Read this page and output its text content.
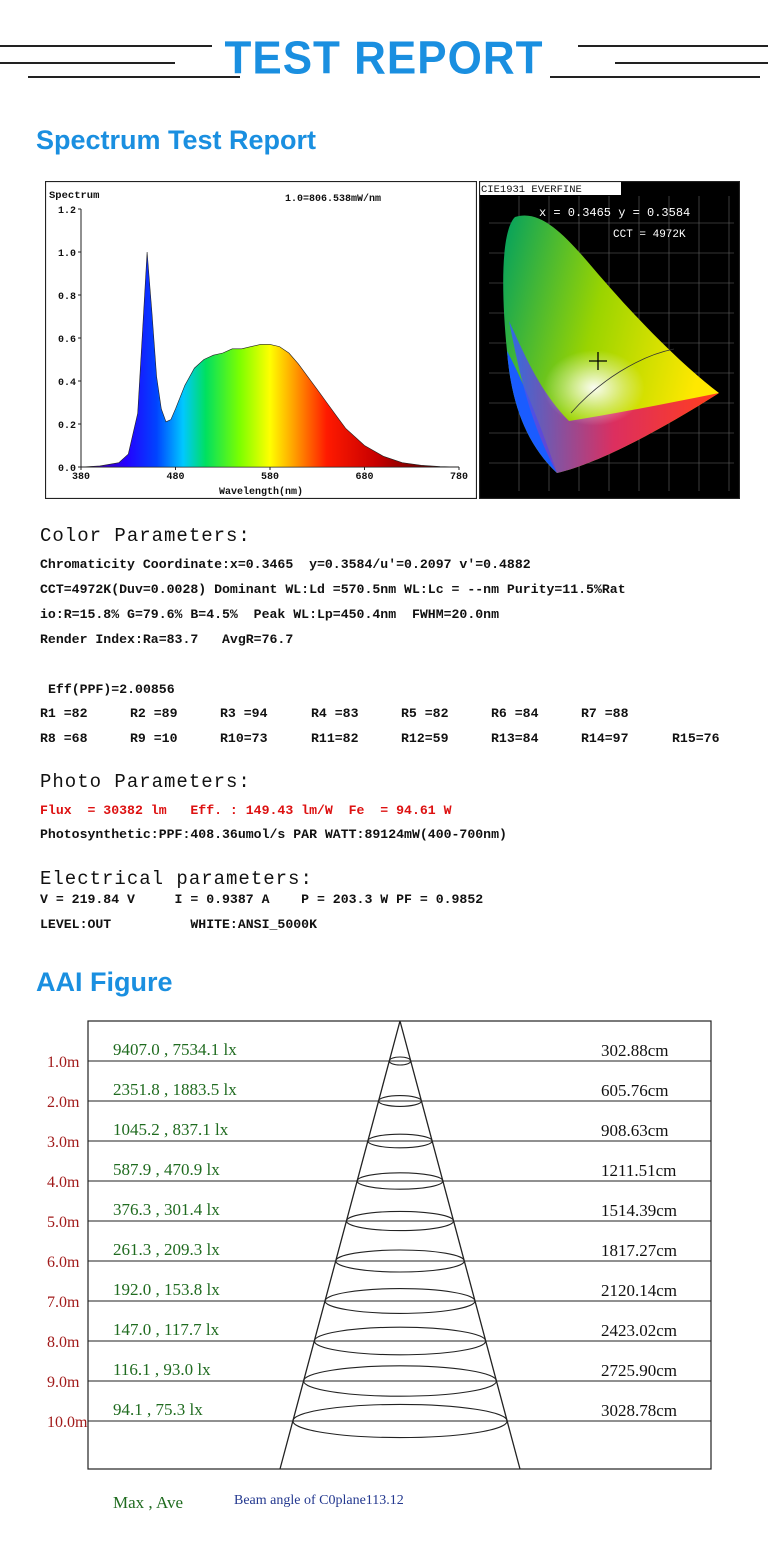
TEST REPORT
Spectrum Test Report
Spectrum	1.0=806.538mW/nm
Wavelength(nm)
1.2
1.0
0.8
0.6
0.4
0.2
0.0
380	480	580	680	780
CIE1931 EVERFINE
x = 0.3465 y = 0.3584
CCT = 4972K
Color Parameters:
Chromaticity Coordinate:x=0.3465  y=0.3584/u'=0.2097 v'=0.4882
CCT=4972K(Duv=0.0028) Dominant WL:Ld =570.5nm WL:Lc = --nm Purity=11.5%Rat
io:R=15.8% G=79.6% B=4.5%  Peak WL:Lp=450.4nm  FWHM=20.0nm
Render Index:Ra=83.7   AvgR=76.7
Eff(PPF)=2.00856
R1 =82	R2 =89	R3 =94	R4 =83	R5 =82	R6 =84	R7 =88
R8 =68	R9 =10	R10=73	R11=82	R12=59	R13=84	R14=97	R15=76
Photo Parameters:
Flux  = 30382 lm   Eff. : 149.43 lm/W  Fe  = 94.61 W
Photosynthetic:PPF:408.36umol/s PAR WATT:89124mW(400-700nm)
Electrical parameters:
V = 219.84 V     I = 0.9387 A    P = 203.3 W PF = 0.9852
LEVEL:OUT          WHITE:ANSI_5000K
AAI Figure
1.0m
9407.0 , 7534.1 lx	302.88cm
2.0m
2351.8 , 1883.5 lx	605.76cm
3.0m
1045.2 , 837.1 lx	908.63cm
4.0m
587.9 , 470.9 lx	1211.51cm
5.0m
376.3 , 301.4 lx	1514.39cm
6.0m
261.3 , 209.3 lx	1817.27cm
7.0m
192.0 , 153.8 lx	2120.14cm
8.0m
147.0 , 117.7 lx	2423.02cm
9.0m
116.1 , 93.0 lx	2725.90cm
10.0m
94.1 , 75.3 lx	3028.78cm
Max , Ave	Beam angle of C0plane113.12
